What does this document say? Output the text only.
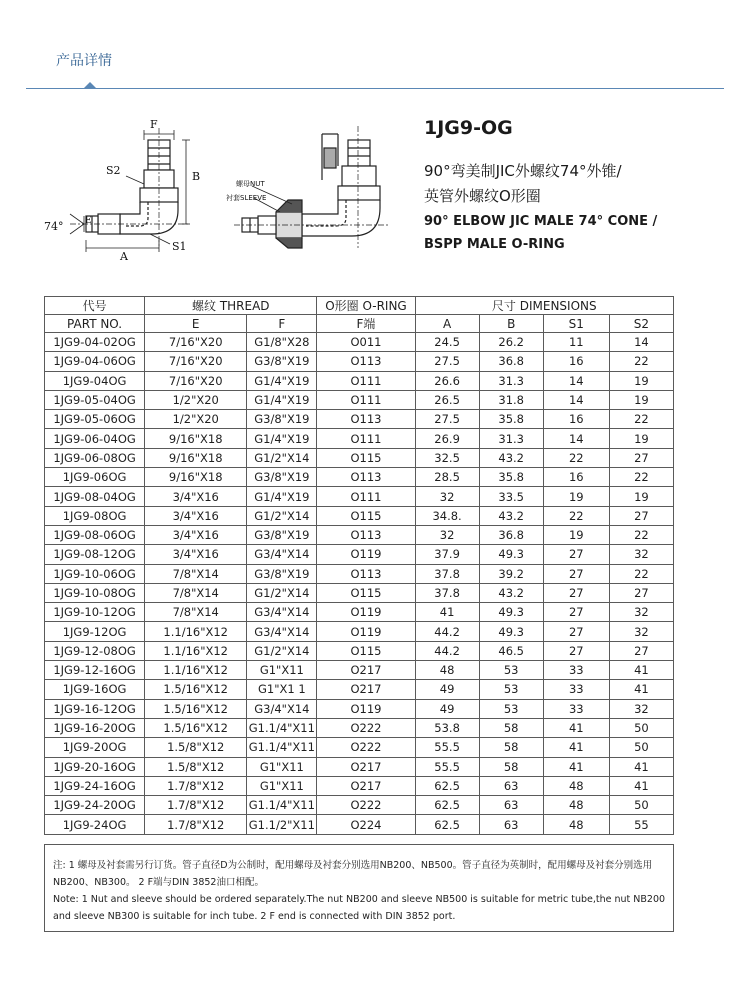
产品详情
F
B
S2
E
74°
A
S1
螺母NUT
衬套SLEEVE
1JG9-OG
90°弯美制JIC外螺纹74°外锥/
英管外螺纹O形圈
90° ELBOW JIC MALE 74° CONE /
BSPP MALE O-RING
代号	螺纹 THREAD		O形圈 O-RING	尺寸 DIMENSIONS			
PART NO.	E	F	F端	A	B	S1	S2
1JG9-04-02OG	7/16"X20	G1/8"X28	O011	24.5	26.2	11	14
1JG9-04-06OG	7/16"X20	G3/8"X19	O113	27.5	36.8	16	22
1JG9-04OG	7/16"X20	G1/4"X19	O111	26.6	31.3	14	19
1JG9-05-04OG	1/2"X20	G1/4"X19	O111	26.5	31.8	14	19
1JG9-05-06OG	1/2"X20	G3/8"X19	O113	27.5	35.8	16	22
1JG9-06-04OG	9/16"X18	G1/4"X19	O111	26.9	31.3	14	19
1JG9-06-08OG	9/16"X18	G1/2"X14	O115	32.5	43.2	22	27
1JG9-06OG	9/16"X18	G3/8"X19	O113	28.5	35.8	16	22
1JG9-08-04OG	3/4"X16	G1/4"X19	O111	32	33.5	19	19
1JG9-08OG	3/4"X16	G1/2"X14	O115	34.8.	43.2	22	27
1JG9-08-06OG	3/4"X16	G3/8"X19	O113	32	36.8	19	22
1JG9-08-12OG	3/4"X16	G3/4"X14	O119	37.9	49.3	27	32
1JG9-10-06OG	7/8"X14	G3/8"X19	O113	37.8	39.2	27	22
1JG9-10-08OG	7/8"X14	G1/2"X14	O115	37.8	43.2	27	27
1JG9-10-12OG	7/8"X14	G3/4"X14	O119	41	49.3	27	32
1JG9-12OG	1.1/16"X12	G3/4"X14	O119	44.2	49.3	27	32
1JG9-12-08OG	1.1/16"X12	G1/2"X14	O115	44.2	46.5	27	27
1JG9-12-16OG	1.1/16"X12	G1"X11	O217	48	53	33	41
1JG9-16OG	1.5/16"X12	G1"X1 1	O217	49	53	33	41
1JG9-16-12OG	1.5/16"X12	G3/4"X14	O119	49	53	33	32
1JG9-16-20OG	1.5/16"X12	G1.1/4"X11	O222	53.8	58	41	50
1JG9-20OG	1.5/8"X12	G1.1/4"X11	O222	55.5	58	41	50
1JG9-20-16OG	1.5/8"X12	G1"X11	O217	55.5	58	41	41
1JG9-24-16OG	1.7/8"X12	G1"X11	O217	62.5	63	48	41
1JG9-24-20OG	1.7/8"X12	G1.1/4"X11	O222	62.5	63	48	50
1JG9-24OG	1.7/8"X12	G1.1/2"X11	O224	62.5	63	48	55
注: 1 螺母及衬套需另行订货。管子直径D为公制时，配用螺母及衬套分别选用NB200、NB500。管子直径为英制时，配用螺母及衬套分别选用
NB200、NB300。 2 F端与DIN 3852油口相配。
Note: 1 Nut and sleeve should be ordered separately.The nut NB200 and sleeve NB500 is suitable for metric tube,the nut NB200
and sleeve NB300 is suitable for inch tube. 2 F end is connected with DIN 3852 port.
